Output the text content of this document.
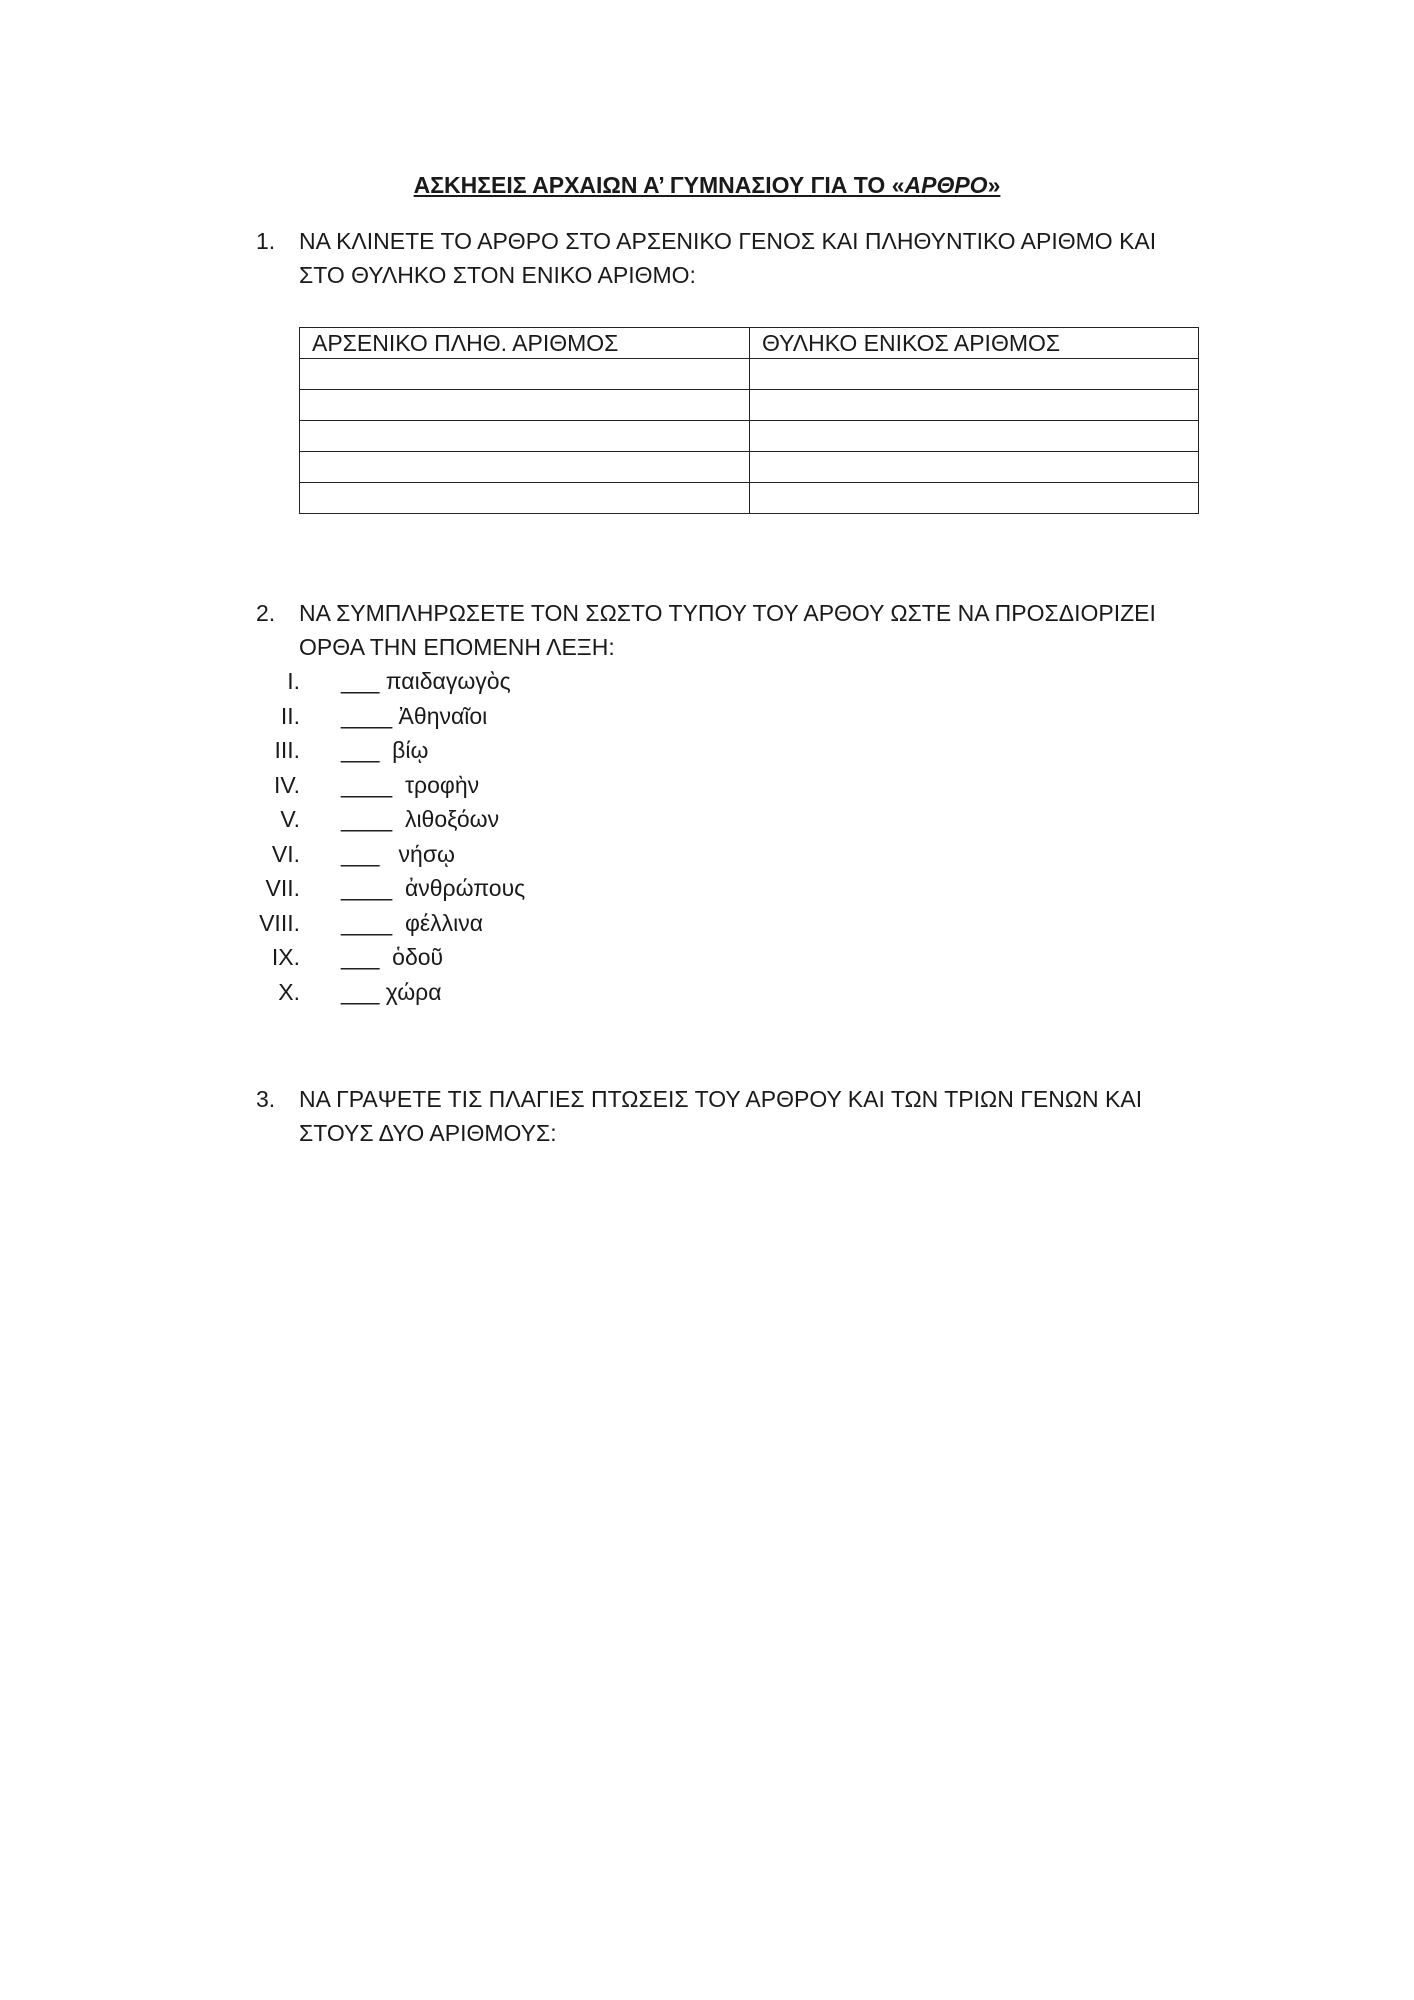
ΑΣΚΗΣΕΙΣ ΑΡΧΑΙΩΝ Α’ ΓΥΜΝΑΣΙΟΥ ΓΙΑ ΤΟ «ΑΡΘΡΟ»
1. ΝΑ ΚΛΙΝΕΤΕ ΤΟ ΑΡΘΡΟ ΣΤΟ ΑΡΣΕΝΙΚΟ ΓΕΝΟΣ ΚΑΙ ΠΛΗΘΥΝΤΙΚΟ ΑΡΙΘΜΟ ΚΑΙ ΣΤΟ ΘΥΛΗΚΟ ΣΤΟΝ ΕΝΙΚΟ ΑΡΙΘΜΟ:
ΑΡΣΕΝΙΚΟ ΠΛΗΘ. ΑΡΙΘΜΟΣ	ΘΥΛΗΚΟ ΕΝΙΚΟΣ ΑΡΙΘΜΟΣ

2. ΝΑ ΣΥΜΠΛΗΡΩΣΕΤΕ ΤΟΝ ΣΩΣΤΟ ΤΥΠΟΥ ΤΟΥ ΑΡΘΟΥ ΩΣΤΕ ΝΑ ΠΡΟΣΔΙΟΡΙΖΕΙ ΟΡΘΑ ΤΗΝ ΕΠΟΜΕΝΗ ΛΕΞΗ:
I. ___ παιδαγωγὸς
II. ____ Ἀθηναῖοι
III. ___  βίῳ
IV. ____  τροφὴν
V. ____  λιθοξόων
VI. ___   νήσῳ
VII. ____  ἀνθρώπους
VIII. ____  φέλλινα
IX. ___  ὁδοῦ
X. ___ χώρα
3. ΝΑ ΓΡΑΨΕΤΕ ΤΙΣ ΠΛΑΓΙΕΣ ΠΤΩΣΕΙΣ ΤΟΥ ΑΡΘΡΟΥ ΚΑΙ ΤΩΝ ΤΡΙΩΝ ΓΕΝΩΝ ΚΑΙ ΣΤΟΥΣ ΔΥΟ ΑΡΙΘΜΟΥΣ:
